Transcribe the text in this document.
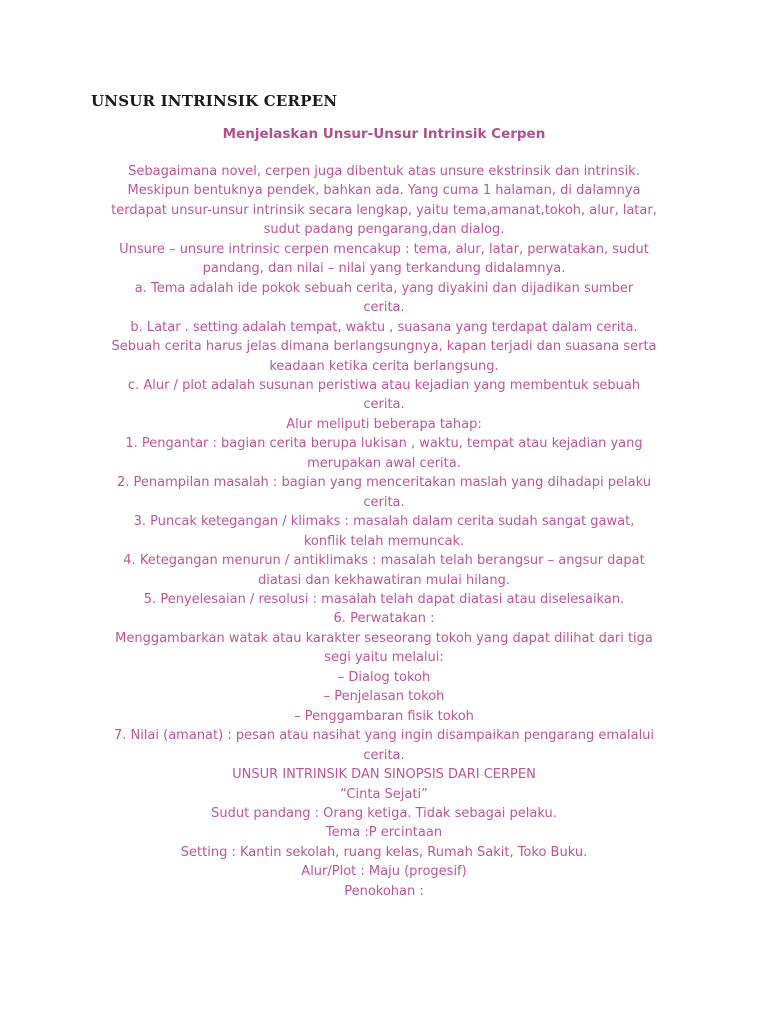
UNSUR INTRINSIK CERPEN
Menjelaskan Unsur-Unsur Intrinsik Cerpen
Sebagaimana novel, cerpen juga dibentuk atas unsure ekstrinsik dan intrinsik.
Meskipun bentuknya pendek, bahkan ada. Yang cuma 1 halaman, di dalamnya
terdapat unsur-unsur intrinsik secara lengkap, yaitu tema,amanat,tokoh, alur, latar,
sudut padang pengarang,dan dialog.
Unsure – unsure intrinsic cerpen mencakup : tema, alur, latar, perwatakan, sudut
pandang, dan nilai – nilai yang terkandung didalamnya.
a. Tema adalah ide pokok sebuah cerita, yang diyakini dan dijadikan sumber
cerita.
b. Latar . setting adalah tempat, waktu , suasana yang terdapat dalam cerita.
Sebuah cerita harus jelas dimana berlangsungnya, kapan terjadi dan suasana serta
keadaan ketika cerita berlangsung.
c. Alur / plot adalah susunan peristiwa atau kejadian yang membentuk sebuah
cerita.
Alur meliputi beberapa tahap:
1. Pengantar : bagian cerita berupa lukisan , waktu, tempat atau kejadian yang
merupakan awal cerita.
2. Penampilan masalah : bagian yang menceritakan maslah yang dihadapi pelaku
cerita.
3. Puncak ketegangan / klimaks : masalah dalam cerita sudah sangat gawat,
konflik telah memuncak.
4. Ketegangan menurun / antiklimaks : masalah telah berangsur – angsur dapat
diatasi dan kekhawatiran mulai hilang.
5. Penyelesaian / resolusi : masalah telah dapat diatasi atau diselesaikan.
6. Perwatakan :
Menggambarkan watak atau karakter seseorang tokoh yang dapat dilihat dari tiga
segi yaitu melalui:
– Dialog tokoh
– Penjelasan tokoh
– Penggambaran fisik tokoh
7. Nilai (amanat) : pesan atau nasihat yang ingin disampaikan pengarang emalalui
cerita.
UNSUR INTRINSIK DAN SINOPSIS DARI CERPEN
“Cinta Sejati”
Sudut pandang : Orang ketiga. Tidak sebagai pelaku.
Tema :P ercintaan
Setting : Kantin sekolah, ruang kelas, Rumah Sakit, Toko Buku.
Alur/Plot : Maju (progesif)
Penokohan :
